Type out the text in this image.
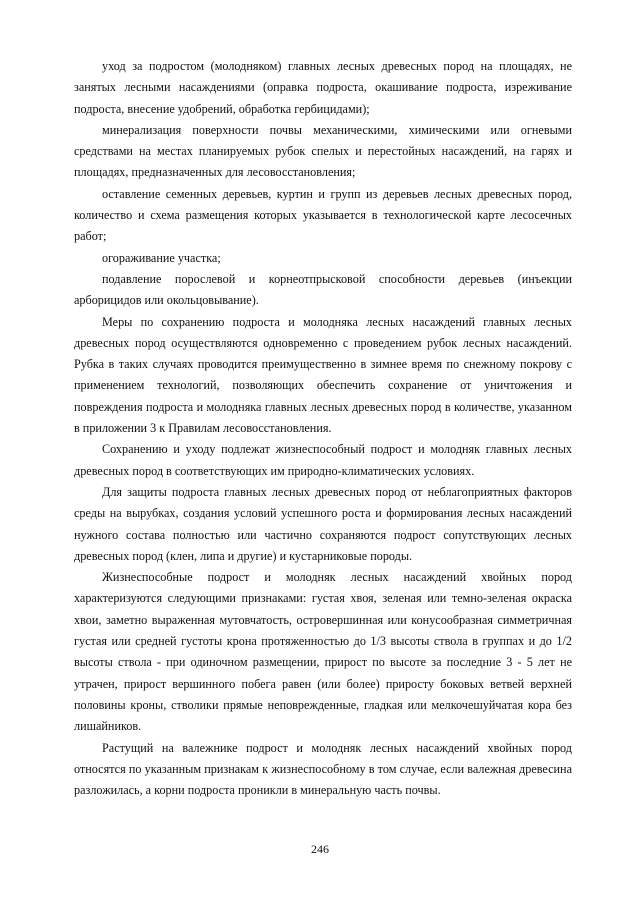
уход за подростом (молодняком) главных лесных древесных пород на площадях, не занятых лесными насаждениями (оправка подроста, окашивание подроста, изреживание подроста, внесение удобрений, обработка гербицидами);

минерализация поверхности почвы механическими, химическими или огневыми средствами на местах планируемых рубок спелых и перестойных насаждений, на гарях и площадях, предназначенных для лесовосстановления;

оставление семенных деревьев, куртин и групп из деревьев лесных древесных пород, количество и схема размещения которых указывается в технологической карте лесосечных работ;

огораживание участка;

подавление порослевой и корнеотпрысковой способности деревьев (инъекции арборицидов или окольцовывание).

Меры по сохранению подроста и молодняка лесных насаждений главных лесных древесных пород осуществляются одновременно с проведением рубок лесных насаждений. Рубка в таких случаях проводится преимущественно в зимнее время по снежному покрову с применением технологий, позволяющих обеспечить сохранение от уничтожения и повреждения подроста и молодняка главных лесных древесных пород в количестве, указанном в приложении 3 к Правилам лесовосстановления.

Сохранению и уходу подлежат жизнеспособный подрост и молодняк главных лесных древесных пород в соответствующих им природно-климатических условиях.

Для защиты подроста главных лесных древесных пород от неблагоприятных факторов среды на вырубках, создания условий успешного роста и формирования лесных насаждений нужного состава полностью или частично сохраняются подрост сопутствующих лесных древесных пород (клен, липа и другие) и кустарниковые породы.

Жизнеспособные подрост и молодняк лесных насаждений хвойных пород характеризуются следующими признаками: густая хвоя, зеленая или темно-зеленая окраска хвои, заметно выраженная мутовчатость, островершинная или конусообразная симметричная густая или средней густоты крона протяженностью до 1/3 высоты ствола в группах и до 1/2 высоты ствола - при одиночном размещении, прирост по высоте за последние 3 - 5 лет не утрачен, прирост вершинного побега равен (или более) приросту боковых ветвей верхней половины кроны, стволики прямые неповрежденные, гладкая или мелкочешуйчатая кора без лишайников.

Растущий на валежнике подрост и молодняк лесных насаждений хвойных пород относятся по указанным признакам к жизнеспособному в том случае, если валежная древесина разложилась, а корни подроста проникли в минеральную часть почвы.

246
